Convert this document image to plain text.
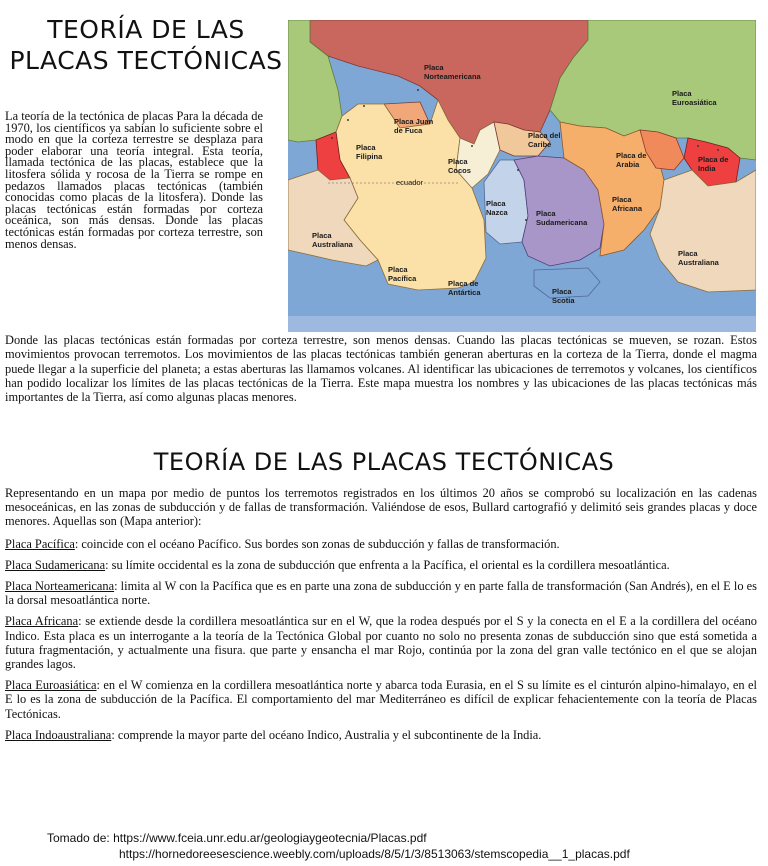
TEORÍA DE LAS PLACAS TECTÓNICAS
La teoría de la tectónica de placas Para la década de 1970, los científicos ya sabían lo suficiente sobre el modo en que la corteza terrestre se desplaza para poder elaborar una teoría integral. Esta teoría, llamada tectónica de las placas, establece que la litosfera sólida y rocosa de la Tierra se rompe en pedazos llamados placas tectónicas (también conocidas como placas de la litosfera). Donde las placas tectónicas están formadas por corteza oceánica, son más densas. Donde las placas tectónicas están formadas por corteza terrestre, son menos densas.
Placa Norteamericana
Placa Euroasiática
Placa Juan de Fuca
Placa del Caribe
Placa Filipina
Placa Cocos
ecuador
Placa de Arabia
Placa de India
Placa Nazca	Placa Sudamericana
Placa Africana
Placa Australiana
Placa Australiana
Placa Pacífica
Placa de Antártica	Placa Scotia
Donde las placas tectónicas están formadas por corteza terrestre, son menos densas. Cuando las placas tectónicas se mueven, se rozan. Estos movimientos provocan terremotos. Los movimientos de las placas tectónicas también generan aberturas en la corteza de la Tierra, donde el magma puede llegar a la superficie del planeta; a estas aberturas las llamamos volcanes. Al identificar las ubicaciones de terremotos y volcanes, los científicos han podido localizar los límites de las placas tectónicas de la Tierra. Este mapa muestra los nombres y las ubicaciones de las placas tectónicas más importantes de la Tierra, así como algunas placas menores.
TEORÍA DE LAS PLACAS TECTÓNICAS

Representando en un mapa por medio de puntos los terremotos registrados en los últimos 20 años se comprobó su localización en las cadenas mesoceánicas, en las zonas de subducción y de fallas de transformación. Valiéndose de esos, Bullard cartografió y delimitó seis grandes placas y doce menores. Aquellas son (Mapa anterior):

Placa Pacífica: coincide con el océano Pacífico. Sus bordes son zonas de subducción y fallas de transformación.

Placa Sudamericana: su límite occidental es la zona de subducción que enfrenta a la Pacífica, el oriental es la cordillera mesoatlántica.

Placa Norteamericana: limita al W con la Pacífica que es en parte una zona de subducción y en parte falla de transformación (San Andrés), en el E lo es la dorsal mesoatlántica norte.

Placa Africana: se extiende desde la cordillera mesoatlántica sur en el W, que la rodea después por el S y la conecta en el E a la cordillera del océano Indico. Esta placa es un interrogante a la teoría de la Tectónica Global por cuanto no solo no presenta zonas de subducción sino que está sometida a futura fragmentación, y actualmente una fisura. que parte y ensancha el mar Rojo, continúa por la zona del gran valle tectónico en el que se alojan grandes lagos.

Placa Euroasiática: en el W comienza en la cordillera mesoatlántica norte y abarca toda Eurasia, en el S su límite es el cinturón alpino-himalayo, en el E lo es la zona de subducción de la Pacífica. El comportamiento del mar Mediterráneo es difícil de explicar fehacientemente con la teoría de Placas Tectónicas.

Placa Indoaustraliana: comprende la mayor parte del océano Indico, Australia y el subcontinente de la India.

Tomado de: https://www.fceia.unr.edu.ar/geologiaygeotecnia/Placas.pdf
https://hornedoreesescience.weebly.com/uploads/8/5/1/3/8513063/stemscopedia__1_placas.pdf
